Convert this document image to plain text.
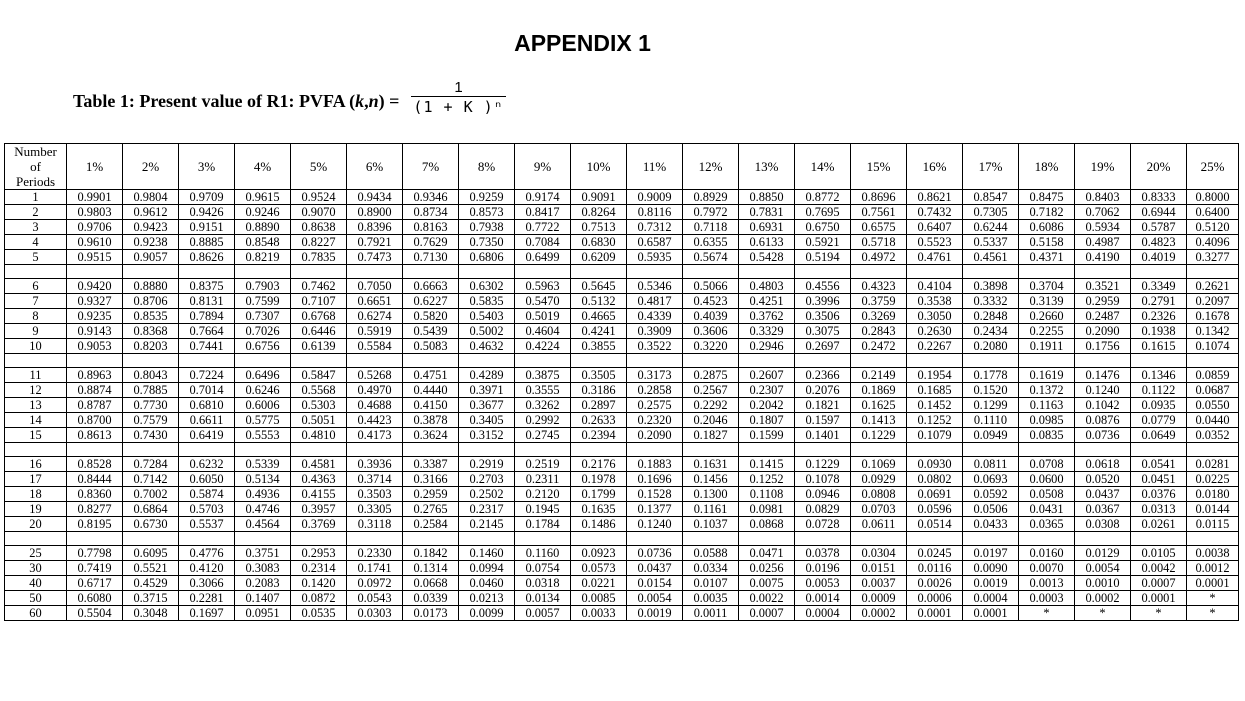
APPENDIX 1
Table 1: Present value of R1: PVFA $(k,n) = \frac{1}{\text{(1 + K )ⁿ}}$
Number
of
Periods	1%	2%	3%	4%	5%	6%	7%	8%	9%	10%	11%	12%	13%	14%	15%	16%	17%	18%	19%	20%	25%
1	0.9901	0.9804	0.9709	0.9615	0.9524	0.9434	0.9346	0.9259	0.9174	0.9091	0.9009	0.8929	0.8850	0.8772	0.8696	0.8621	0.8547	0.8475	0.8403	0.8333	0.8000
2	0.9803	0.9612	0.9426	0.9246	0.9070	0.8900	0.8734	0.8573	0.8417	0.8264	0.8116	0.7972	0.7831	0.7695	0.7561	0.7432	0.7305	0.7182	0.7062	0.6944	0.6400
3	0.9706	0.9423	0.9151	0.8890	0.8638	0.8396	0.8163	0.7938	0.7722	0.7513	0.7312	0.7118	0.6931	0.6750	0.6575	0.6407	0.6244	0.6086	0.5934	0.5787	0.5120
4	0.9610	0.9238	0.8885	0.8548	0.8227	0.7921	0.7629	0.7350	0.7084	0.6830	0.6587	0.6355	0.6133	0.5921	0.5718	0.5523	0.5337	0.5158	0.4987	0.4823	0.4096
5	0.9515	0.9057	0.8626	0.8219	0.7835	0.7473	0.7130	0.6806	0.6499	0.6209	0.5935	0.5674	0.5428	0.5194	0.4972	0.4761	0.4561	0.4371	0.4190	0.4019	0.3277

6	0.9420	0.8880	0.8375	0.7903	0.7462	0.7050	0.6663	0.6302	0.5963	0.5645	0.5346	0.5066	0.4803	0.4556	0.4323	0.4104	0.3898	0.3704	0.3521	0.3349	0.2621
7	0.9327	0.8706	0.8131	0.7599	0.7107	0.6651	0.6227	0.5835	0.5470	0.5132	0.4817	0.4523	0.4251	0.3996	0.3759	0.3538	0.3332	0.3139	0.2959	0.2791	0.2097
8	0.9235	0.8535	0.7894	0.7307	0.6768	0.6274	0.5820	0.5403	0.5019	0.4665	0.4339	0.4039	0.3762	0.3506	0.3269	0.3050	0.2848	0.2660	0.2487	0.2326	0.1678
9	0.9143	0.8368	0.7664	0.7026	0.6446	0.5919	0.5439	0.5002	0.4604	0.4241	0.3909	0.3606	0.3329	0.3075	0.2843	0.2630	0.2434	0.2255	0.2090	0.1938	0.1342
10	0.9053	0.8203	0.7441	0.6756	0.6139	0.5584	0.5083	0.4632	0.4224	0.3855	0.3522	0.3220	0.2946	0.2697	0.2472	0.2267	0.2080	0.1911	0.1756	0.1615	0.1074

11	0.8963	0.8043	0.7224	0.6496	0.5847	0.5268	0.4751	0.4289	0.3875	0.3505	0.3173	0.2875	0.2607	0.2366	0.2149	0.1954	0.1778	0.1619	0.1476	0.1346	0.0859
12	0.8874	0.7885	0.7014	0.6246	0.5568	0.4970	0.4440	0.3971	0.3555	0.3186	0.2858	0.2567	0.2307	0.2076	0.1869	0.1685	0.1520	0.1372	0.1240	0.1122	0.0687
13	0.8787	0.7730	0.6810	0.6006	0.5303	0.4688	0.4150	0.3677	0.3262	0.2897	0.2575	0.2292	0.2042	0.1821	0.1625	0.1452	0.1299	0.1163	0.1042	0.0935	0.0550
14	0.8700	0.7579	0.6611	0.5775	0.5051	0.4423	0.3878	0.3405	0.2992	0.2633	0.2320	0.2046	0.1807	0.1597	0.1413	0.1252	0.1110	0.0985	0.0876	0.0779	0.0440
15	0.8613	0.7430	0.6419	0.5553	0.4810	0.4173	0.3624	0.3152	0.2745	0.2394	0.2090	0.1827	0.1599	0.1401	0.1229	0.1079	0.0949	0.0835	0.0736	0.0649	0.0352

16	0.8528	0.7284	0.6232	0.5339	0.4581	0.3936	0.3387	0.2919	0.2519	0.2176	0.1883	0.1631	0.1415	0.1229	0.1069	0.0930	0.0811	0.0708	0.0618	0.0541	0.0281
17	0.8444	0.7142	0.6050	0.5134	0.4363	0.3714	0.3166	0.2703	0.2311	0.1978	0.1696	0.1456	0.1252	0.1078	0.0929	0.0802	0.0693	0.0600	0.0520	0.0451	0.0225
18	0.8360	0.7002	0.5874	0.4936	0.4155	0.3503	0.2959	0.2502	0.2120	0.1799	0.1528	0.1300	0.1108	0.0946	0.0808	0.0691	0.0592	0.0508	0.0437	0.0376	0.0180
19	0.8277	0.6864	0.5703	0.4746	0.3957	0.3305	0.2765	0.2317	0.1945	0.1635	0.1377	0.1161	0.0981	0.0829	0.0703	0.0596	0.0506	0.0431	0.0367	0.0313	0.0144
20	0.8195	0.6730	0.5537	0.4564	0.3769	0.3118	0.2584	0.2145	0.1784	0.1486	0.1240	0.1037	0.0868	0.0728	0.0611	0.0514	0.0433	0.0365	0.0308	0.0261	0.0115

25	0.7798	0.6095	0.4776	0.3751	0.2953	0.2330	0.1842	0.1460	0.1160	0.0923	0.0736	0.0588	0.0471	0.0378	0.0304	0.0245	0.0197	0.0160	0.0129	0.0105	0.0038
30	0.7419	0.5521	0.4120	0.3083	0.2314	0.1741	0.1314	0.0994	0.0754	0.0573	0.0437	0.0334	0.0256	0.0196	0.0151	0.0116	0.0090	0.0070	0.0054	0.0042	0.0012
40	0.6717	0.4529	0.3066	0.2083	0.1420	0.0972	0.0668	0.0460	0.0318	0.0221	0.0154	0.0107	0.0075	0.0053	0.0037	0.0026	0.0019	0.0013	0.0010	0.0007	0.0001
50	0.6080	0.3715	0.2281	0.1407	0.0872	0.0543	0.0339	0.0213	0.0134	0.0085	0.0054	0.0035	0.0022	0.0014	0.0009	0.0006	0.0004	0.0003	0.0002	0.0001	*
60	0.5504	0.3048	0.1697	0.0951	0.0535	0.0303	0.0173	0.0099	0.0057	0.0033	0.0019	0.0011	0.0007	0.0004	0.0002	0.0001	0.0001	*	*	*	*
